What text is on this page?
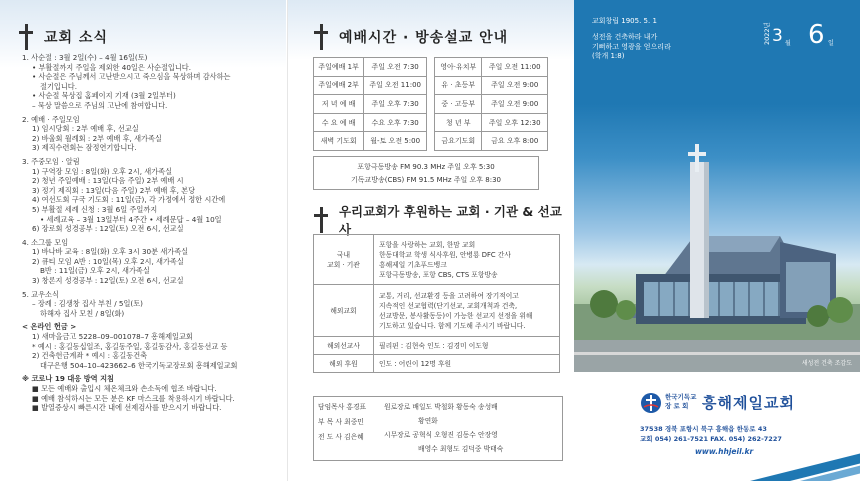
교회 소식
1. 사순절 : 3월 2일(수) – 4월 16일(토)
• 부활절까지 주일을 제외한 40일은 사순절입니다.
• 사순절은 주님께서 고난받으시고 죽으심을 묵상하며 감사하는
절기입니다.
• 사순절 묵상집 홈페이지 기재 (3월 2일부터)
– 묵상 말씀으로 주님의 고난에 참여합니다.
2. 예배 · 주일모임
1) 임시당회 : 2부 예배 후, 선교실
2) 바울회 월례회 : 2부 예배 후, 새가족실
3) 제직수련회는 잠정연기합니다.
3. 주중모임 · 알림
1) 구역장 모임 : 8일(화) 오후 2시, 새가족실
2) 청년 주일예배 : 13일(다음 주일) 2부 예배 시
3) 정기 제직회 : 13일(다음 주일) 2부 예배 후, 본당
4) 여선도회 구국 기도회 : 11일(금), 각 가정에서 정한 시간에
5) 부활절 세례 신청 : 3월 6일 주일까지
• 세례교육 – 3월 13일부터 4주간 • 세례문답 – 4월 10일
6) 장로회 성경공부 : 12일(토) 오전 6시, 선교실
4. 소그룹 모임
1) 바나바 교육 : 8일(화) 오후 3시 30분 새가족실
2) 큐티 모임 A반 : 10일(목) 오후 2시, 새가족실
B반 : 11일(금) 오후 2시, 새가족실
3) 창론지 성경공부 : 12일(토) 오전 6시, 선교실
5. 교우소식
– 장례 : 김생창 집사 부친 / 5일(토)
하해자 집사 모친 / 8일(화)
< 온라인 헌금 >
1) 새마을금고 5228–09–001078–7 흥해제일교회
* 예시 : 홍길동십일조, 홍길동주일, 홍길동감사, 홍길동선교 등
2) 건축헌금계좌 * 예시 : 홍길동건축
대구은행 504–10–423662–6 한국기독교장로회 흥해제일교회
※ 코로나 19 대응 방역 지침
■ 모든 예배와 출입시 체온체크와 손소독에 협조 바랍니다.
■ 예배 참석하시는 모든 분은 KF 마스크를 착용하시기 바랍니다.
■ 발열증상시 빠른시간 내에 선제검사를 받으시기 바랍니다.
예배시간 · 방송설교 안내
주일예배 1부	주일 오전 7:30
주일예배 2부	주일 오전 11:00
저 녁 예 배	주일 오후 7:30
수 요 예 배	수요 오후 7:30
새벽 기도회	월-토 오전 5:00
영아·유치부	주일 오전 11:00
유 · 초등부	주일 오전 9:00
중 · 고등부	주일 오전 9:00
청 년 부	주일 오후 12:30
금요기도회	금요 오후 8:00
포항극동방송 FM 90.3 MHz 주일 오후 5:30
기독교방송(CBS) FM 91.5 MHz 주일 오후 8:30
우리교회가 후원하는 교회 · 기관 & 선교사
국내
교회 · 기관	포항을 사랑하는 교회, 한맘 교회
한동대학교 학생 식사후원, 안병룡 DFC 간사
흥해제일 기초푸드뱅크
포항극동방송, 포항 CBS, CTS 포항방송
해외교회	교통, 거리, 선교환경 등을 고려하여 장기적이고
지속적인 선교협력(단기선교, 교회개척과 건축,
선교방문, 봉사활동등)이 가능한 선교지 선정을 위해
기도하고 있습니다. 함께 기도해 주시기 바랍니다.
해외선교사	필리핀 : 김현숙 인도 : 김경미 이도형
해외 후원	인도 : 어린이 12명 후원
담임목사 홍경표
부 목 사 최중민
전 도 사 김은혜
원로장로 배일도 박철화 황동숙 송성배
황연화
시무장로 공혁식 오형진 김동수 안장영
배영수 최형도 김덕중 박태숙
교회창립 1905. 5. 1
성전을 건축하라 내가
기뻐하고 영광을 얻으리라
(학개 1:8)
2022년 3 월 6 일
새성전 건축 조감도
한국기독교
장 로 회 흥해제일교회
37538 경북 포항시 북구 흥해읍 한동로 43
교회 054) 261-7521 FAX. 054) 262-7227
www.hhjeil.kr
